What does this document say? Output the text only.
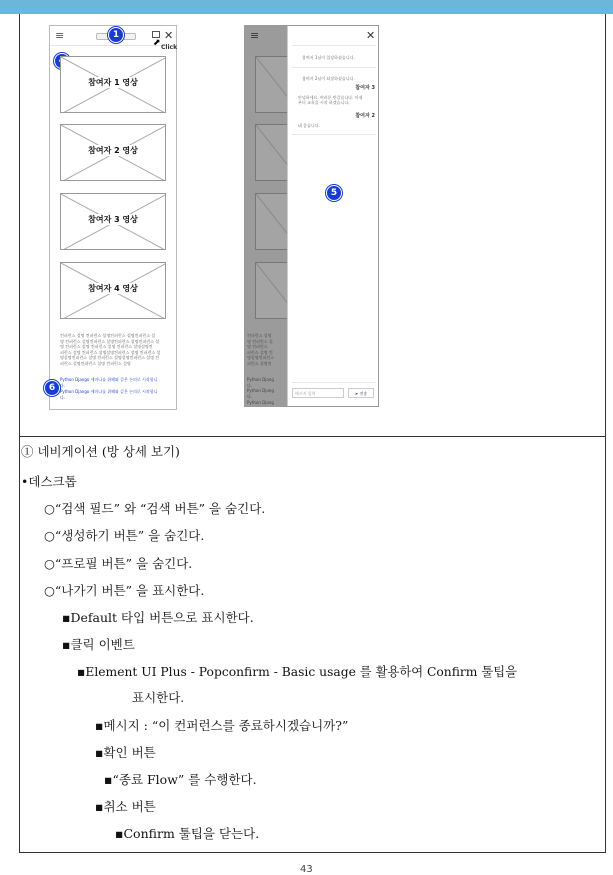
≡	1	✕
⬈ Click
참여자 1 영상
참여자 2 영상
참여자 3 영상
참여자 4 영상
컨퍼런스 설명 컨퍼런스 설명컨퍼런스 설명컨퍼런스 설
명 컨퍼런스 설명컨퍼런스 설명컨퍼런스 설명컨퍼런스 설
명 컨퍼런스 설명 컨퍼런스 설명 컨퍼런스 설명설명컨
퍼런스 설명 컨퍼런스 설명설명컨퍼런스 설명 컨퍼런스 설
명설명컨퍼런스 설명 컨퍼런스 설명설명컨퍼런스 설명 컨
퍼런스 설명컨퍼런스 설명 컨퍼런스 설명
Python Django 세미나를 위해와 같은 논의로 시작합니
다.
Python Django 세미나를 위해와 같은 논의로 시작합니
다.
6
≡
컨퍼런스 설명
명 컨퍼런스 설
명 컨퍼런스
퍼런스 설명 컨
명설명컨퍼런스
퍼런스 설명컨
Python Djang
다.
Python Djang
다.
Python Djang
✕
참여자 1님이 입장하셨습니다.
참여자 2님이 퇴장하셨습니다.
참여자 3
안녕하세요. 여러분 반갑습니다. 이제
부터 교육을 시작 하겠습니다.
참여자 2
네 좋습니다.
5
메시지 입력	➤ 전송
① 네비게이션 (방 상세 보기)
•데스크톱
○“검색 필드” 와 “검색 버튼” 을 숨긴다.
○“생성하기 버튼” 을 숨긴다.
○“프로필 버튼” 을 숨긴다.
○“나가기 버튼” 을 표시한다.
▪Default 타입 버튼으로 표시한다.
▪클릭 이벤트
▪Element UI Plus - Popconfirm - Basic usage 를 활용하여 Confirm 툴팁을
표시한다.
▪메시지 : “이 컨퍼런스를 종료하시겠습니까?”
▪확인 버튼
▪“종료 Flow” 를 수행한다.
▪취소 버튼
▪Confirm 툴팁을 닫는다.
43
